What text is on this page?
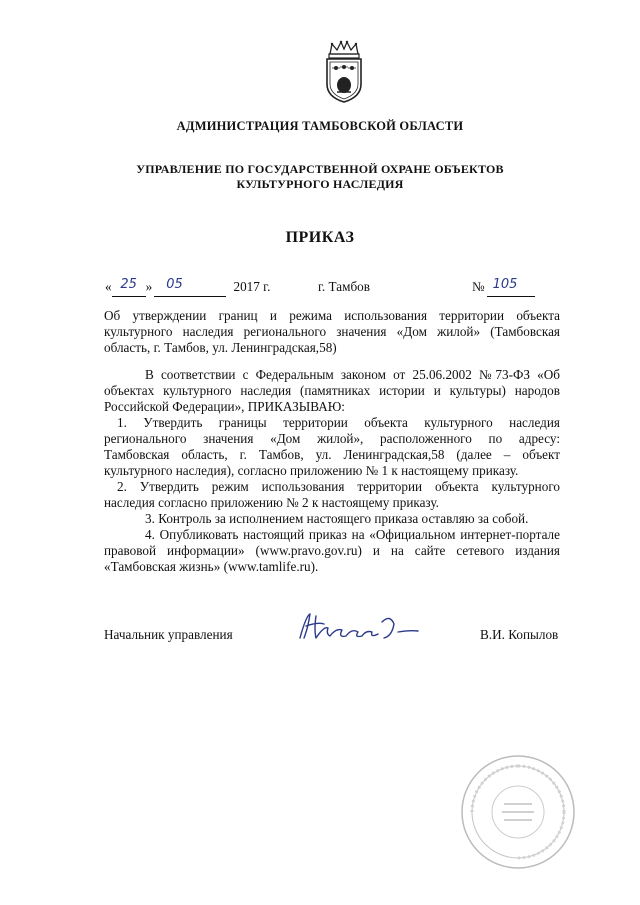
АДМИНИСТРАЦИЯ ТАМБОВСКОЙ ОБЛАСТИ
УПРАВЛЕНИЕ ПО ГОСУДАРСТВЕННОЙ ОХРАНЕ ОБЪЕКТОВ
КУЛЬТУРНОГО НАСЛЕДИЯ
ПРИКАЗ
« 25 » 05	2017 г.	г. Тамбов	№ 105
Об утверждении границ и режима использования территории объекта
культурного наследия регионального значения «Дом жилой» (Тамбовская
область, г. Тамбов, ул. Ленинградская,58)
В соответствии с Федеральным законом от 25.06.2002 №73-ФЗ «Об
объектах культурного наследия (памятниках истории и культуры) народов
Российской Федерации», ПРИКАЗЫВАЮ:
1. Утвердить границы территории объекта культурного наследия
регионального значения «Дом жилой», расположенного по адресу:
Тамбовская область, г. Тамбов, ул. Ленинградская,58 (далее – объект
культурного наследия), согласно приложению № 1 к настоящему приказу.
2. Утвердить режим использования территории объекта культурного
наследия согласно приложению № 2 к настоящему приказу.
3. Контроль за исполнением настоящего приказа оставляю за собой.
4. Опубликовать настоящий приказ на «Официальном интернет-портале
правовой информации» (www.pravo.gov.ru) и на сайте сетевого издания
«Тамбовская жизнь» (www.tamlife.ru).
Начальник управления	В.И. Копылов
